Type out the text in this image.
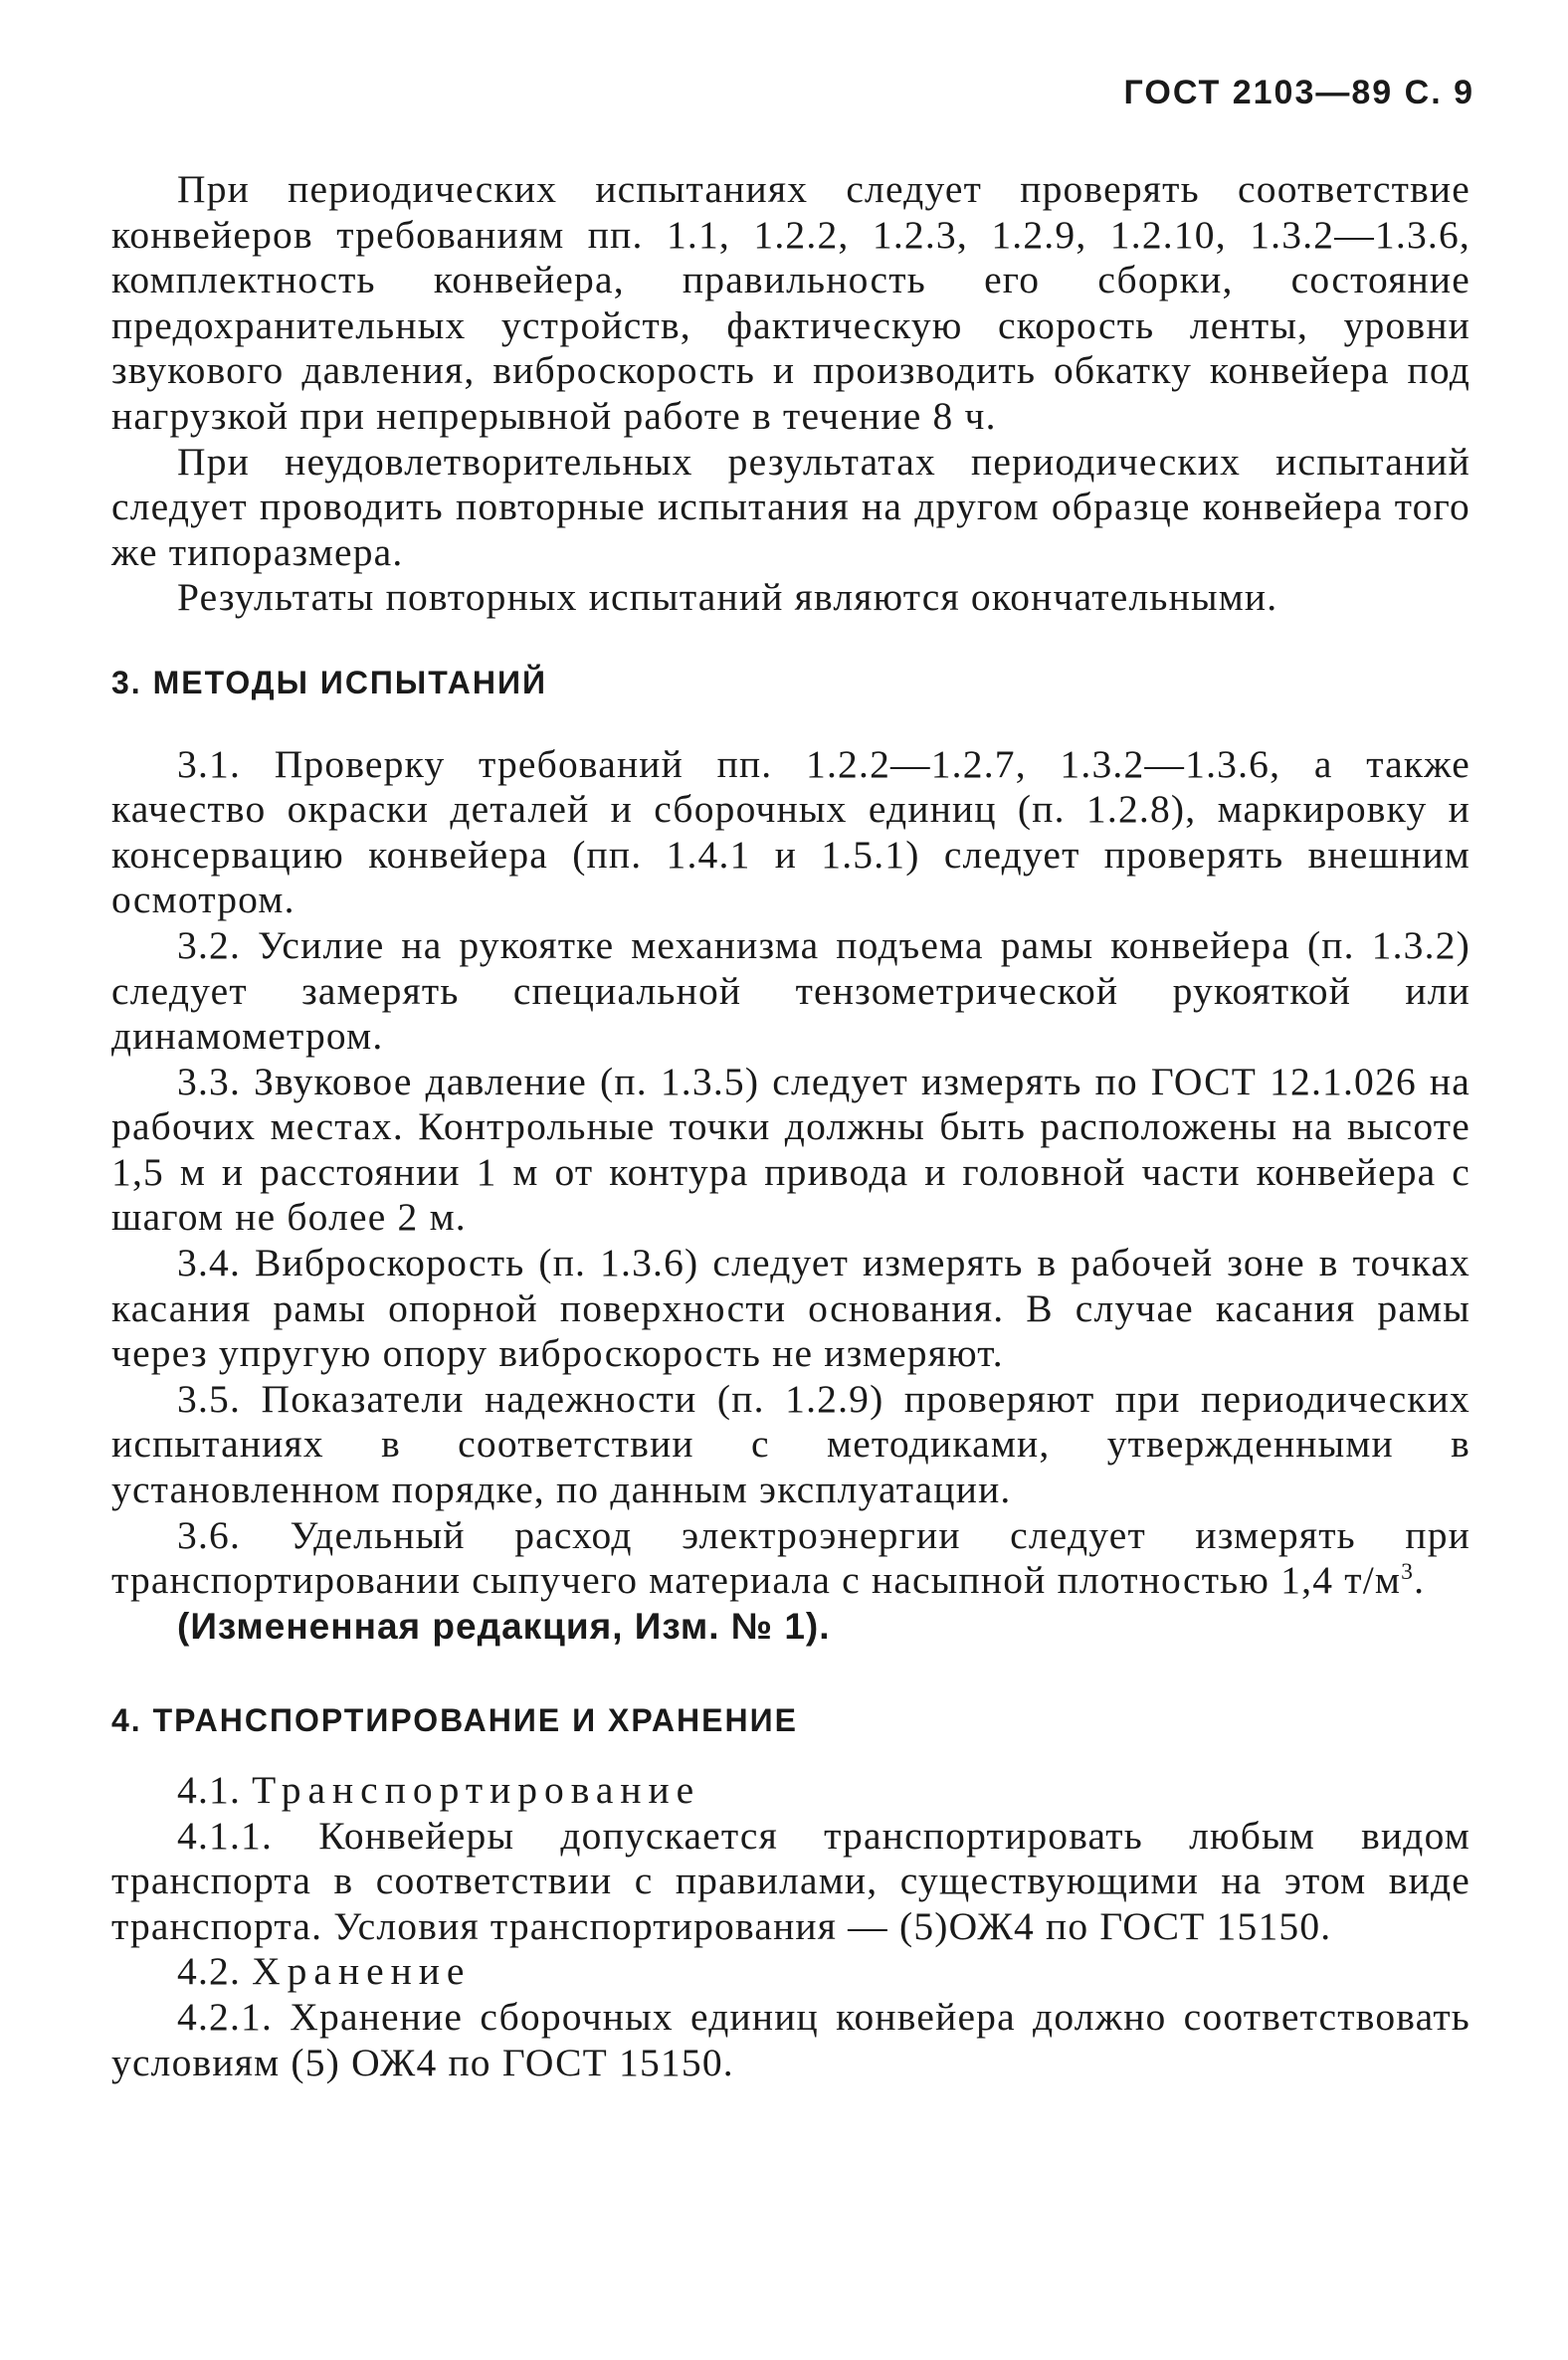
ГОСТ 2103—89 С. 9

При периодических испытаниях следует проверять соответствие конвейеров требованиям пп. 1.1, 1.2.2, 1.2.3, 1.2.9, 1.2.10, 1.3.2—1.3.6, комплектность конвейера, правильность его сборки, состояние предохранительных устройств, фактическую скорость ленты, уровни звукового давления, виброскорость и производить обкатку конвейера под нагрузкой при непрерывной работе в течение 8 ч.

При неудовлетворительных результатах периодических испытаний следует проводить повторные испытания на другом образце конвейера того же типоразмера.

Результаты повторных испытаний являются окончательными.

3. МЕТОДЫ ИСПЫТАНИЙ

3.1. Проверку требований пп. 1.2.2—1.2.7, 1.3.2—1.3.6, а также качество окраски деталей и сборочных единиц (п. 1.2.8), маркировку и консервацию конвейера (пп. 1.4.1 и 1.5.1) следует проверять внешним осмотром.

3.2. Усилие на рукоятке механизма подъема рамы конвейера (п. 1.3.2) следует замерять специальной тензометрической рукояткой или динамометром.

3.3. Звуковое давление (п. 1.3.5) следует измерять по ГОСТ 12.1.026 на рабочих местах. Контрольные точки должны быть расположены на высоте 1,5 м и расстоянии 1 м от контура привода и головной части конвейера с шагом не более 2 м.

3.4. Виброскорость (п. 1.3.6) следует измерять в рабочей зоне в точках касания рамы опорной поверхности основания. В случае касания рамы через упругую опору виброскорость не измеряют.

3.5. Показатели надежности (п. 1.2.9) проверяют при периодических испытаниях в соответствии с методиками, утвержденными в установленном порядке, по данным эксплуатации.

3.6. Удельный расход электроэнергии следует измерять при транспортировании сыпучего материала с насыпной плотностью 1,4 $т/м^3$.

(Измененная редакция, Изм. № 1).

4. ТРАНСПОРТИРОВАНИЕ И ХРАНЕНИЕ

4.1. Транспортирование

4.1.1. Конвейеры допускается транспортировать любым видом транспорта в соответствии с правилами, существующими на этом виде транспорта. Условия транспортирования — (5)ОЖ4 по ГОСТ 15150.

4.2. Хранение

4.2.1. Хранение сборочных единиц конвейера должно соответствовать условиям (5) ОЖ4 по ГОСТ 15150.
